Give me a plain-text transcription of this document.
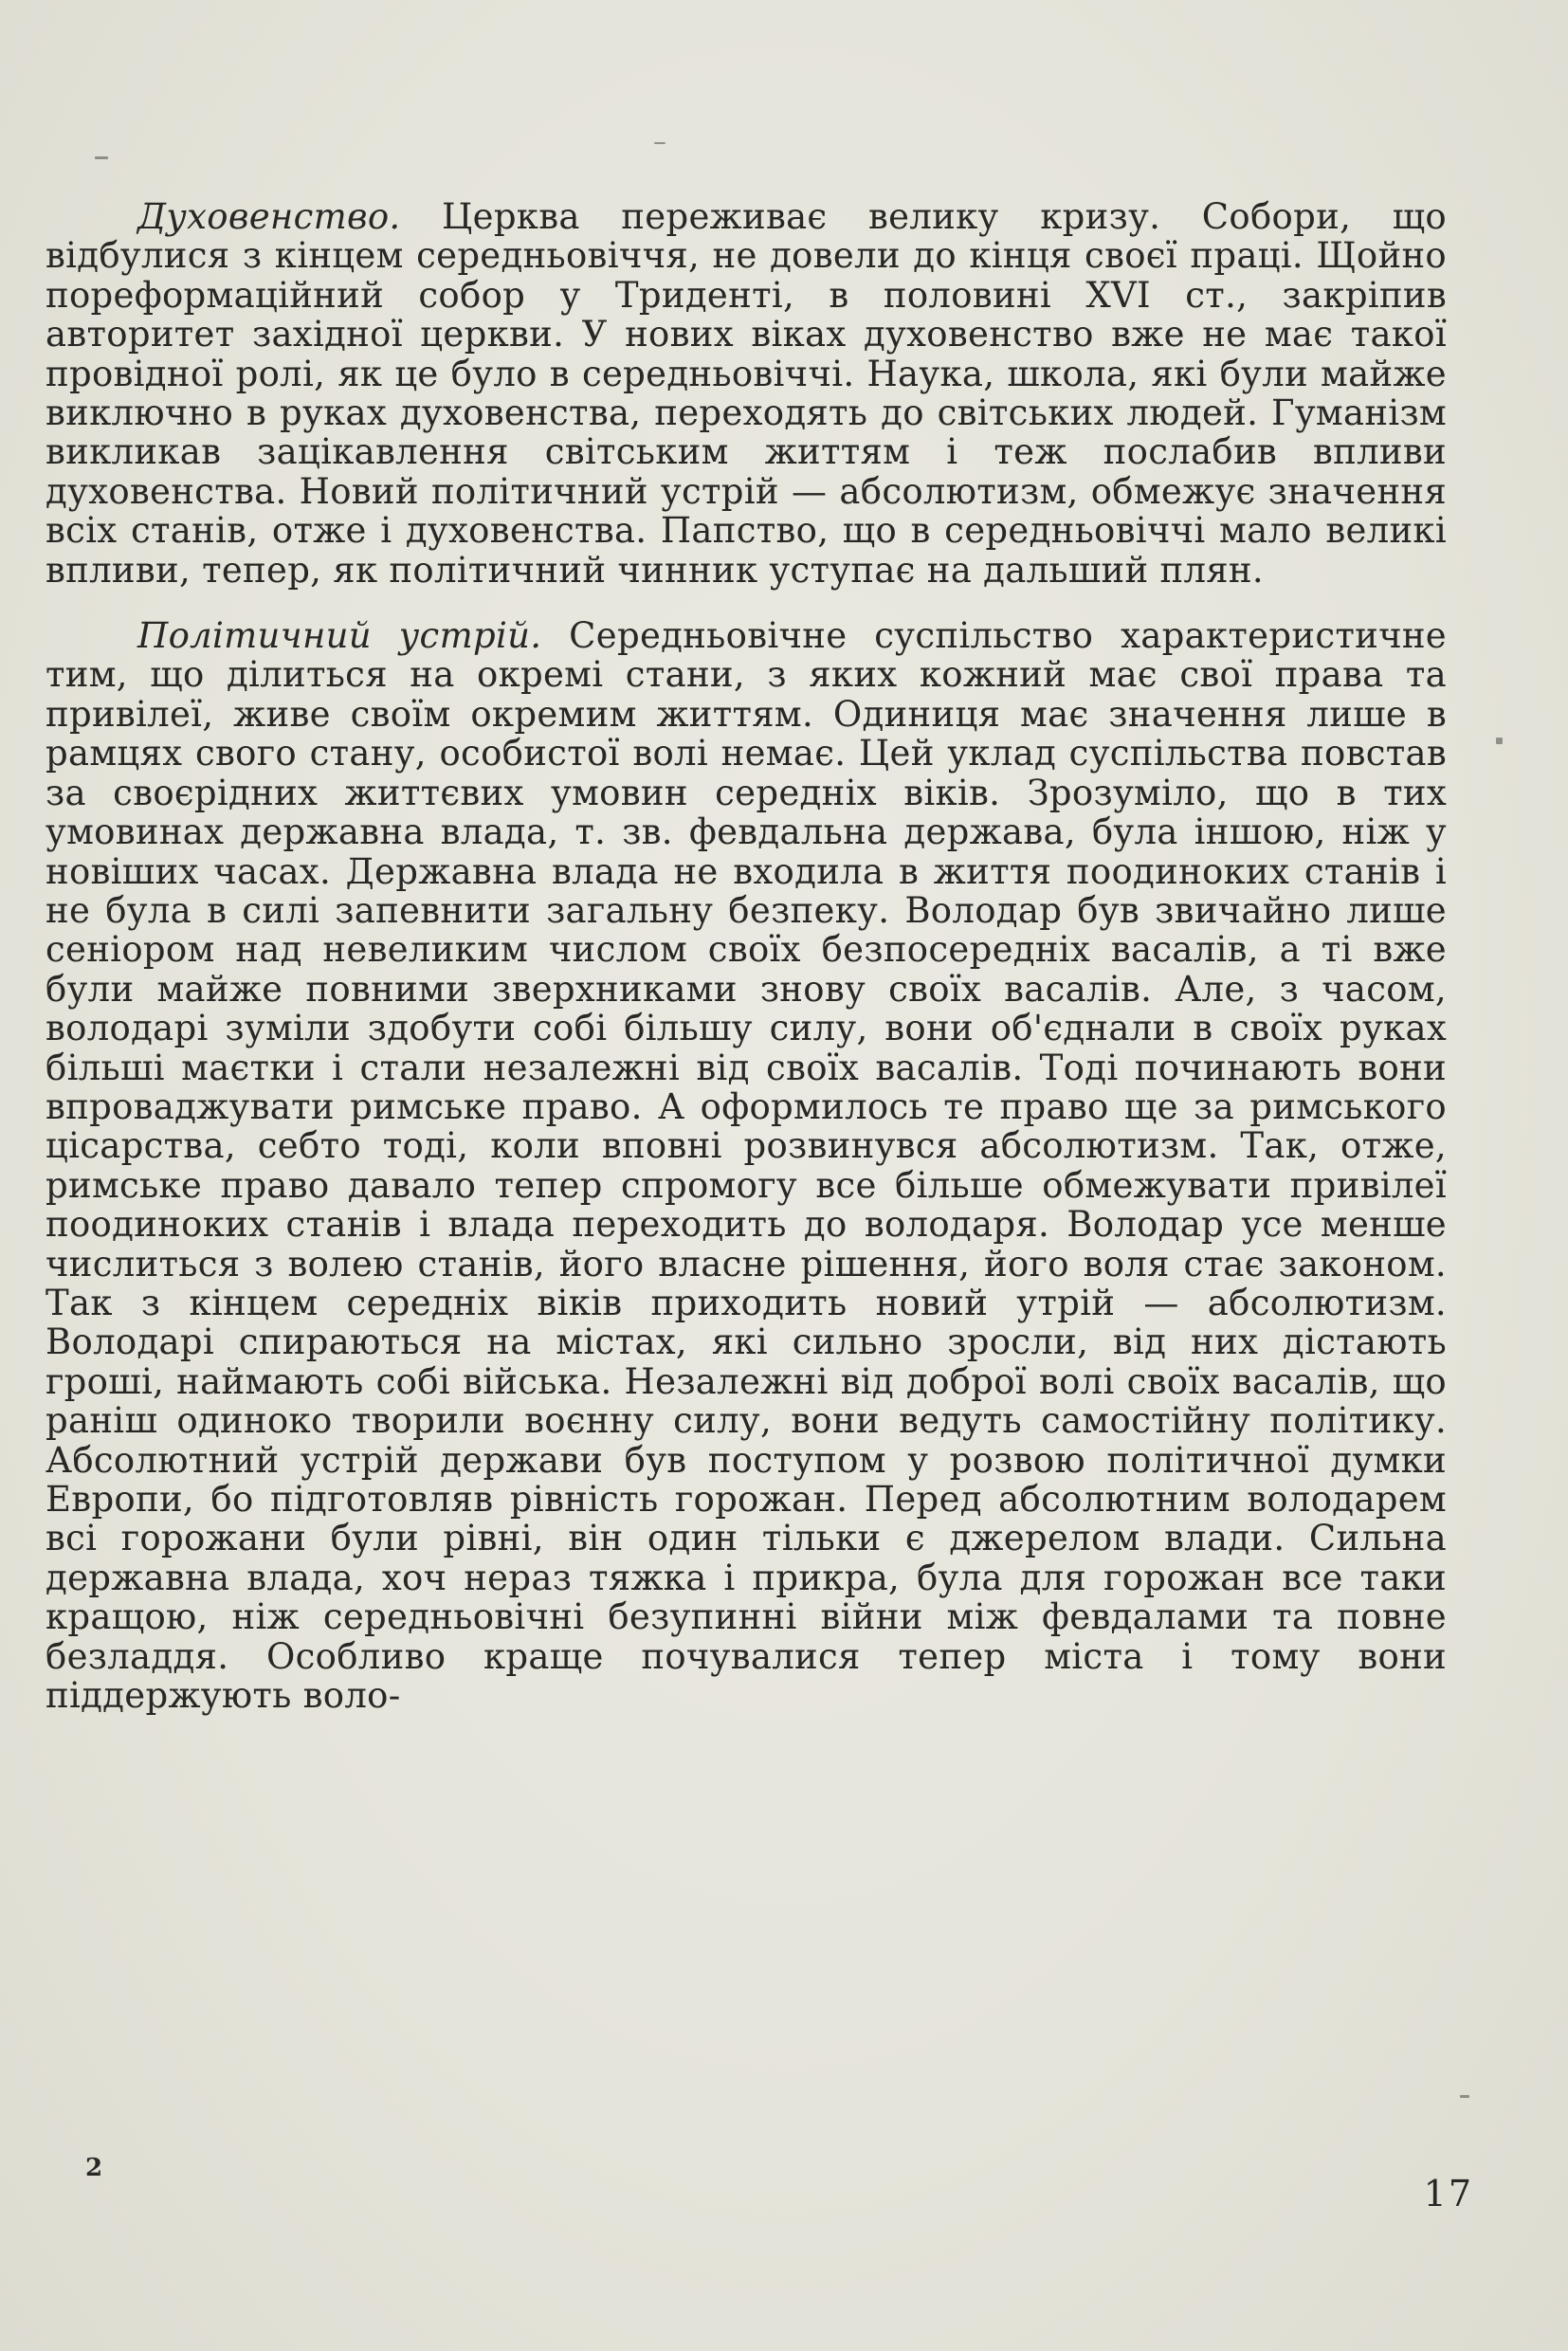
Духовенство. Церква переживає велику кризу. Собори, що відбулися з кінцем середньовіччя, не довели до кінця своєї праці. Щойно пореформаційний собор у Триденті, в половині XVI ст., закріпив авторитет західної церкви. У нових віках духовенство вже не має такої провідної ролі, як це було в середньовіччі. Наука, школа, які були майже виключно в руках духовенства, переходять до світських людей. Гуманізм викликав зацікавлення світським життям і теж послабив впливи духовенства. Новий політичний устрій — абсолютизм, обмежує значення всіх станів, отже і духовенства. Папство, що в середньовіччі мало великі впливи, тепер, як політичний чинник уступає на дальший плян.

Політичний устрій. Середньовічне суспільство характеристичне тим, що ділиться на окремі стани, з яких кожний має свої права та привілеї, живе своїм окремим життям. Одиниця має значення лише в рамцях свого стану, особистої волі немає. Цей уклад суспільства повстав за своєрідних життєвих умовин середніх віків. Зрозуміло, що в тих умовинах державна влада, т. зв. февдальна держава, була іншою, ніж у новіших часах. Державна влада не входила в життя поодиноких станів і не була в силі запевнити загальну безпеку. Володар був звичайно лише сеніором над невеликим числом своїх безпосередніх васалів, а ті вже були майже повними зверхниками знову своїх васалів. Але, з часом, володарі зуміли здобути собі більшу силу, вони об'єднали в своїх руках більші маєтки і стали незалежні від своїх васалів. Тоді починають вони впроваджувати римське право. А оформилось те право ще за римського цісарства, себто тоді, коли вповні розвинувся абсолютизм. Так, отже, римське право давало тепер спромогу все більше обмежувати привілеї поодиноких станів і влада переходить до володаря. Володар усе менше числиться з волею станів, його власне рішення, його воля стає законом. Так з кінцем середніх віків приходить новий утрій — абсолютизм. Володарі спираються на містах, які сильно зросли, від них дістають гроші, наймають собі війська. Незалежні від доброї волі своїх васалів, що раніш одиноко творили воєнну силу, вони ведуть самостійну політику. Абсолютний устрій держави був поступом у розвою політичної думки Европи, бо підготовляв рівність горожан. Перед абсолютним володарем всі горожани були рівні, він один тільки є джерелом влади. Сильна державна влада, хоч нераз тяжка і прикра, була для горожан все таки кращою, ніж середньовічні безупинні війни між февдалами та повне безладдя. Особливо краще почувалися тепер міста і тому вони піддержують воло-

2
17
